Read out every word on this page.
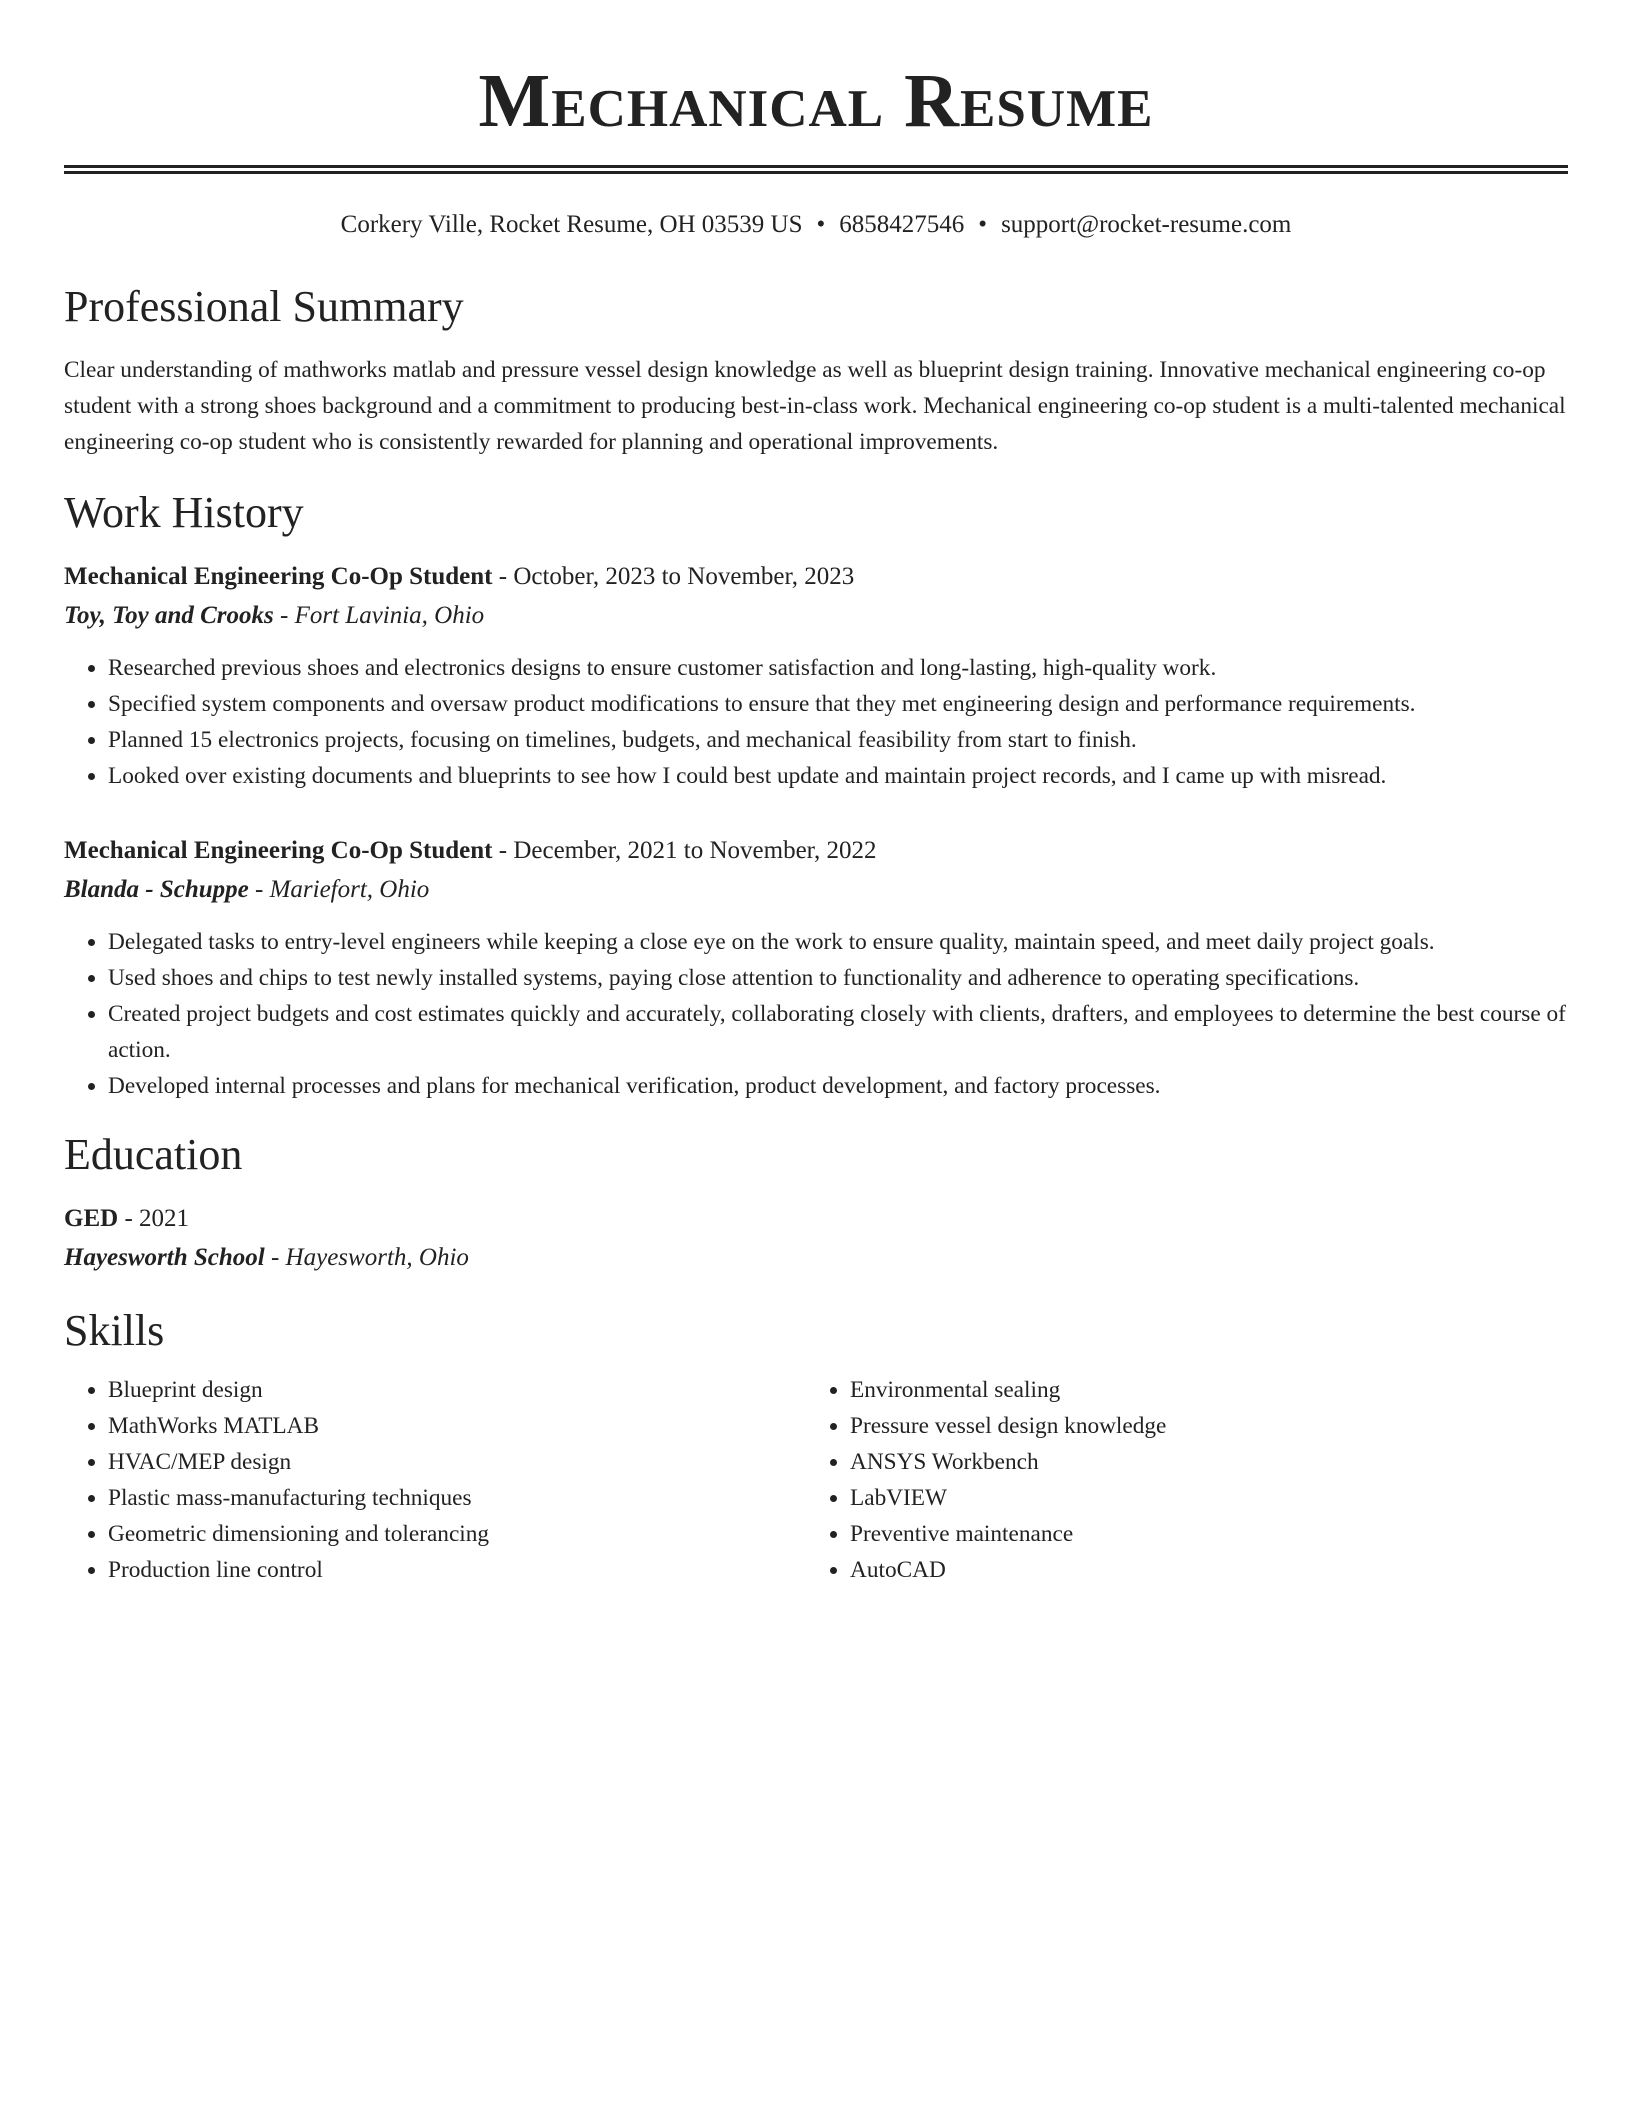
Mechanical Resume
Corkery Ville, Rocket Resume, OH 03539 US • 6858427546 • support@rocket-resume.com
Professional Summary

Clear understanding of mathworks matlab and pressure vessel design knowledge as well as blueprint design training. Innovative mechanical engineering co-op student with a strong shoes background and a commitment to producing best-in-class work. Mechanical engineering co-op student is a multi-talented mechanical engineering co-op student who is consistently rewarded for planning and operational improvements.

Work History
Mechanical Engineering Co-Op Student - October, 2023 to November, 2023
Toy, Toy and Crooks - Fort Lavinia, Ohio
• Researched previous shoes and electronics designs to ensure customer satisfaction and long-lasting, high-quality work.
• Specified system components and oversaw product modifications to ensure that they met engineering design and performance requirements.
• Planned 15 electronics projects, focusing on timelines, budgets, and mechanical feasibility from start to finish.
• Looked over existing documents and blueprints to see how I could best update and maintain project records, and I came up with misread.
Mechanical Engineering Co-Op Student - December, 2021 to November, 2022
Blanda - Schuppe - Mariefort, Ohio
• Delegated tasks to entry-level engineers while keeping a close eye on the work to ensure quality, maintain speed, and meet daily project goals.
• Used shoes and chips to test newly installed systems, paying close attention to functionality and adherence to operating specifications.
• Created project budgets and cost estimates quickly and accurately, collaborating closely with clients, drafters, and employees to determine the best course of action.
• Developed internal processes and plans for mechanical verification, product development, and factory processes.
Education
GED - 2021
Hayesworth School - Hayesworth, Ohio
Skills
• Blueprint design
• MathWorks MATLAB
• HVAC/MEP design
• Plastic mass-manufacturing techniques
• Geometric dimensioning and tolerancing
• Production line control
• Environmental sealing
• Pressure vessel design knowledge
• ANSYS Workbench
• LabVIEW
• Preventive maintenance
• AutoCAD
